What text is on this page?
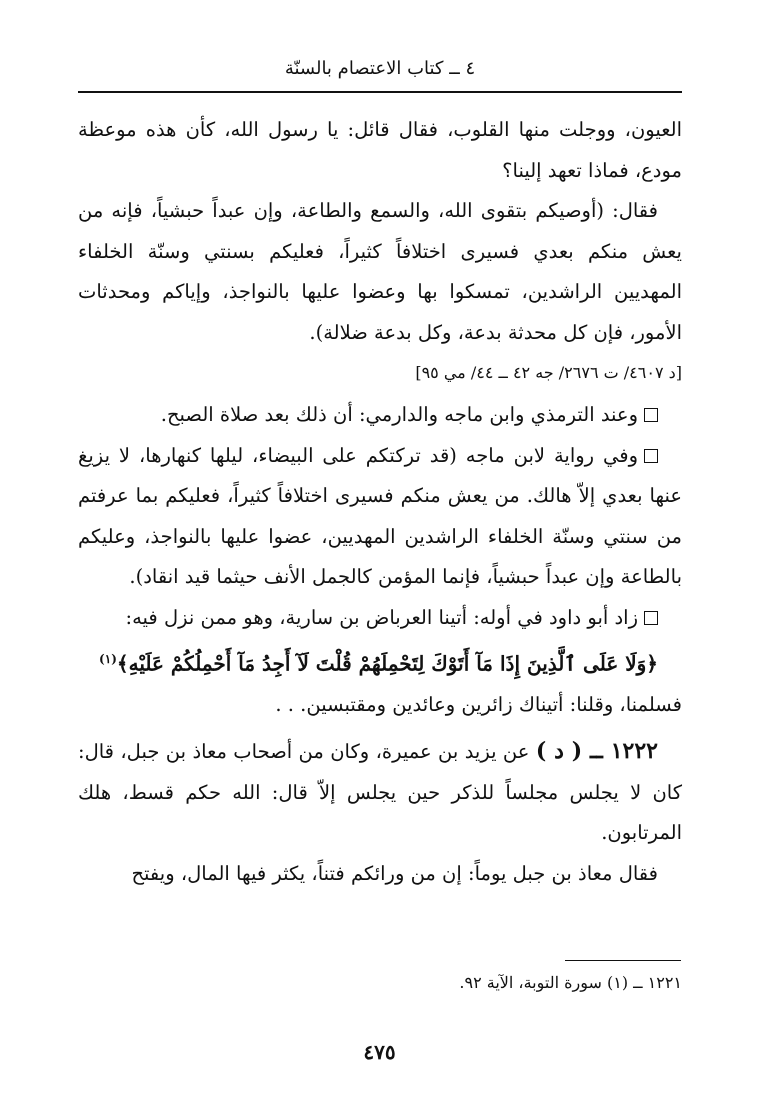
٤ ــ كتاب الاعتصام بالسنّة

العيون، ووجلت منها القلوب، فقال قائل: يا رسول الله، كأن هذه موعظة مودع، فماذا تعهد إلينا؟

فقال: (أوصيكم بتقوى الله، والسمع والطاعة، وإن عبداً حبشياً، فإنه من يعش منكم بعدي فسيرى اختلافاً كثيراً، فعليكم بسنتي وسنّة الخلفاء المهديين الراشدين، تمسكوا بها وعضوا عليها بالنواجذ، وإياكم ومحدثات الأمور، فإن كل محدثة بدعة، وكل بدعة ضلالة).

[د ٤٦٠٧/ ت ٢٦٧٦/ جه ٤٢ ــ ٤٤/ مي ٩٥]

وعند الترمذي وابن ماجه والدارمي: أن ذلك بعد صلاة الصبح.

وفي رواية لابن ماجه (قد تركتكم على البيضاء، ليلها كنهارها، لا يزيغ عنها بعدي إلاّ هالك. من يعش منكم فسيرى اختلافاً كثيراً، فعليكم بما عرفتم من سنتي وسنّة الخلفاء الراشدين المهديين، عضوا عليها بالنواجذ، وعليكم بالطاعة وإن عبداً حبشياً، فإنما المؤمن كالجمل الأنف حيثما قيد انقاد).

زاد أبو داود في أوله: أتينا العرباض بن سارية، وهو ممن نزل فيه:
﴿وَلَا عَلَى ٱلَّذِينَ إِذَا مَآ أَتَوْكَ لِتَحْمِلَهُمْ قُلْتَ لَآ أَجِدُ مَآ أَحْمِلُكُمْ عَلَيْهِ﴾$^{(١)}$
فسلمنا، وقلنا: أتيناك زائرين وعائدين ومقتبسين. . .

١٢٢٢ ــ ( د ) عن يزيد بن عميرة، وكان من أصحاب معاذ بن جبل، قال: كان لا يجلس مجلساً للذكر حين يجلس إلاّ قال: الله حكم قسط، هلك المرتابون.

فقال معاذ بن جبل يوماً: إن من ورائكم فتناً، يكثر فيها المال، ويفتح

١٢٢١ ــ (١) سورة التوبة، الآية ٩٢.
٤٧٥
